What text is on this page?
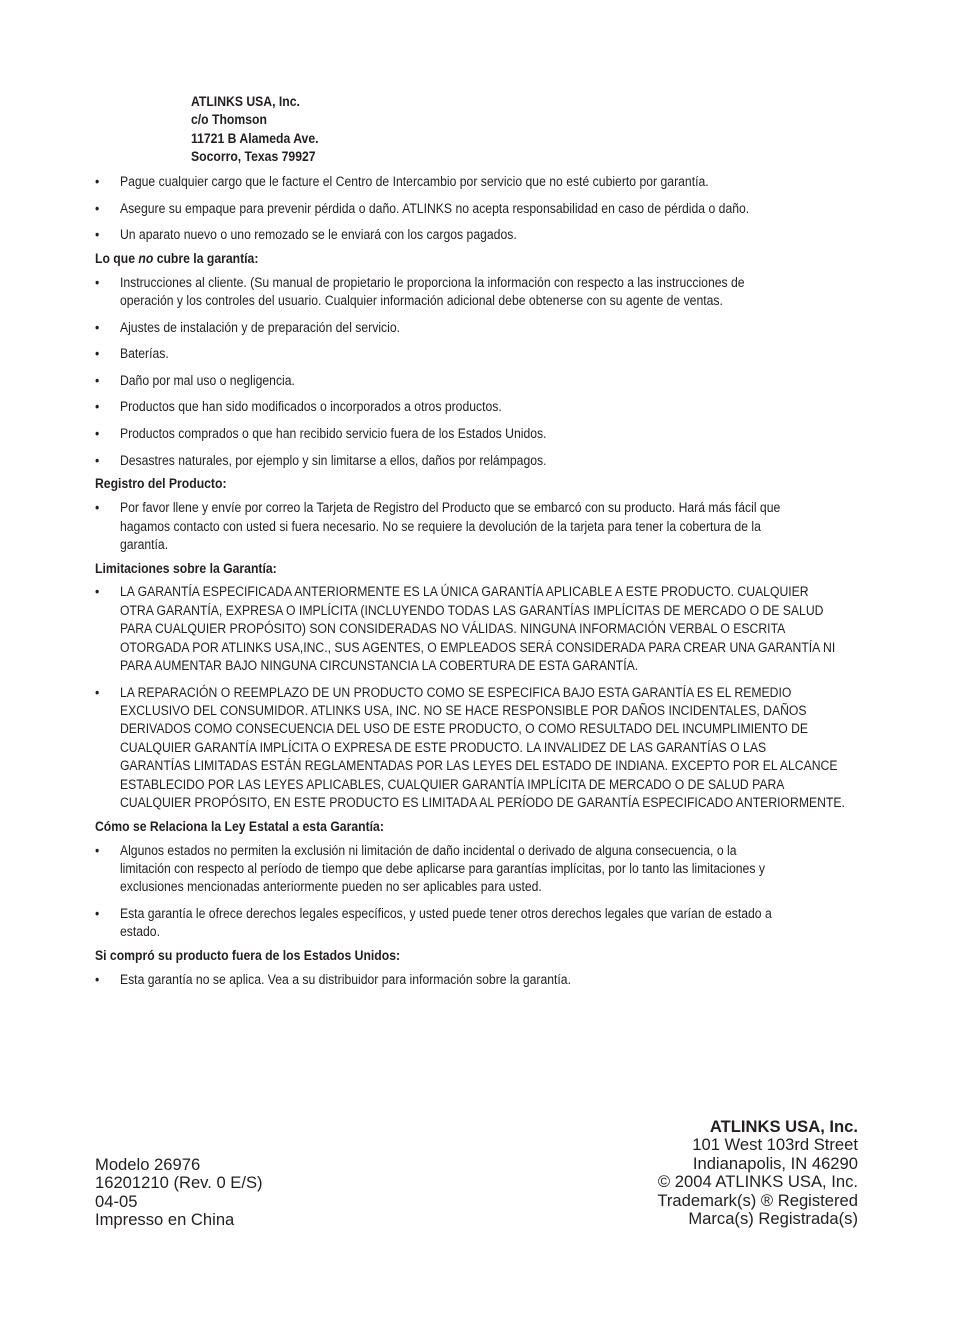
ATLINKS USA, Inc.
c/o Thomson
11721 B Alameda Ave.
Socorro, Texas 79927
• Pague cualquier cargo que le facture el Centro de Intercambio por servicio que no esté cubierto por garantía.
• Asegure su empaque para prevenir pérdida o daño. ATLINKS no acepta responsabilidad en caso de pérdida o daño.
• Un aparato nuevo o uno remozado se le enviará con los cargos pagados.
Lo que no cubre la garantía:
• Instrucciones al cliente. (Su manual de propietario le proporciona la información con respecto a las instrucciones de
operación y los controles del usuario. Cualquier información adicional debe obtenerse con su agente de ventas.
• Ajustes de instalación y de preparación del servicio.
• Baterías.
• Daño por mal uso o negligencia.
• Productos que han sido modificados o incorporados a otros productos.
• Productos comprados o que han recibido servicio fuera de los Estados Unidos.
• Desastres naturales, por ejemplo y sin limitarse a ellos, daños por relámpagos.
Registro del Producto:
• Por favor llene y envíe por correo la Tarjeta de Registro del Producto que se embarcó con su producto. Hará más fácil que
hagamos contacto con usted si fuera necesario. No se requiere la devolución de la tarjeta para tener la cobertura de la
garantía.
Limitaciones sobre la Garantía:
• LA GARANTÍA ESPECIFICADA ANTERIORMENTE ES LA ÚNICA GARANTÍA APLICABLE A ESTE PRODUCTO. CUALQUIER
OTRA GARANTÍA, EXPRESA O IMPLÍCITA (INCLUYENDO TODAS LAS GARANTÍAS IMPLÍCITAS DE MERCADO O DE SALUD
PARA CUALQUIER PROPÓSITO) SON CONSIDERADAS NO VÁLIDAS. NINGUNA INFORMACIÓN VERBAL O ESCRITA
OTORGADA POR ATLINKS USA,INC., SUS AGENTES, O EMPLEADOS SERÁ CONSIDERADA PARA CREAR UNA GARANTÍA NI
PARA AUMENTAR BAJO NINGUNA CIRCUNSTANCIA LA COBERTURA DE ESTA GARANTÍA.
• LA REPARACIÓN O REEMPLAZO DE UN PRODUCTO COMO SE ESPECIFICA BAJO ESTA GARANTÍA ES EL REMEDIO
EXCLUSIVO DEL CONSUMIDOR. ATLINKS USA, INC. NO SE HACE RESPONSIBLE POR DAÑOS INCIDENTALES, DAÑOS
DERIVADOS COMO CONSECUENCIA DEL USO DE ESTE PRODUCTO, O COMO RESULTADO DEL INCUMPLIMIENTO DE
CUALQUIER GARANTÍA IMPLÍCITA O EXPRESA DE ESTE PRODUCTO. LA INVALIDEZ DE LAS GARANTÍAS O LAS
GARANTÍAS LIMITADAS ESTÁN REGLAMENTADAS POR LAS LEYES DEL ESTADO DE INDIANA. EXCEPTO POR EL ALCANCE
ESTABLECIDO POR LAS LEYES APLICABLES, CUALQUIER GARANTÍA IMPLÍCITA DE MERCADO O DE SALUD PARA
CUALQUIER PROPÓSITO, EN ESTE PRODUCTO ES LIMITADA AL PERÍODO DE GARANTÍA ESPECIFICADO ANTERIORMENTE.
Cómo se Relaciona la Ley Estatal a esta Garantía:
• Algunos estados no permiten la exclusión ni limitación de daño incidental o derivado de alguna consecuencia, o la
limitación con respecto al período de tiempo que debe aplicarse para garantías implícitas, por lo tanto las limitaciones y
exclusiones mencionadas anteriormente pueden no ser aplicables para usted.
• Esta garantía le ofrece derechos legales específicos, y usted puede tener otros derechos legales que varían de estado a
estado.
Si compró su producto fuera de los Estados Unidos:
• Esta garantía no se aplica. Vea a su distribuidor para información sobre la garantía.
Modelo 26976
16201210 (Rev. 0 E/S)
04-05
Impresso en China
ATLINKS USA, Inc.
101 West 103rd Street
Indianapolis, IN 46290
© 2004 ATLINKS USA, Inc.
Trademark(s) ® Registered
Marca(s) Registrada(s)
